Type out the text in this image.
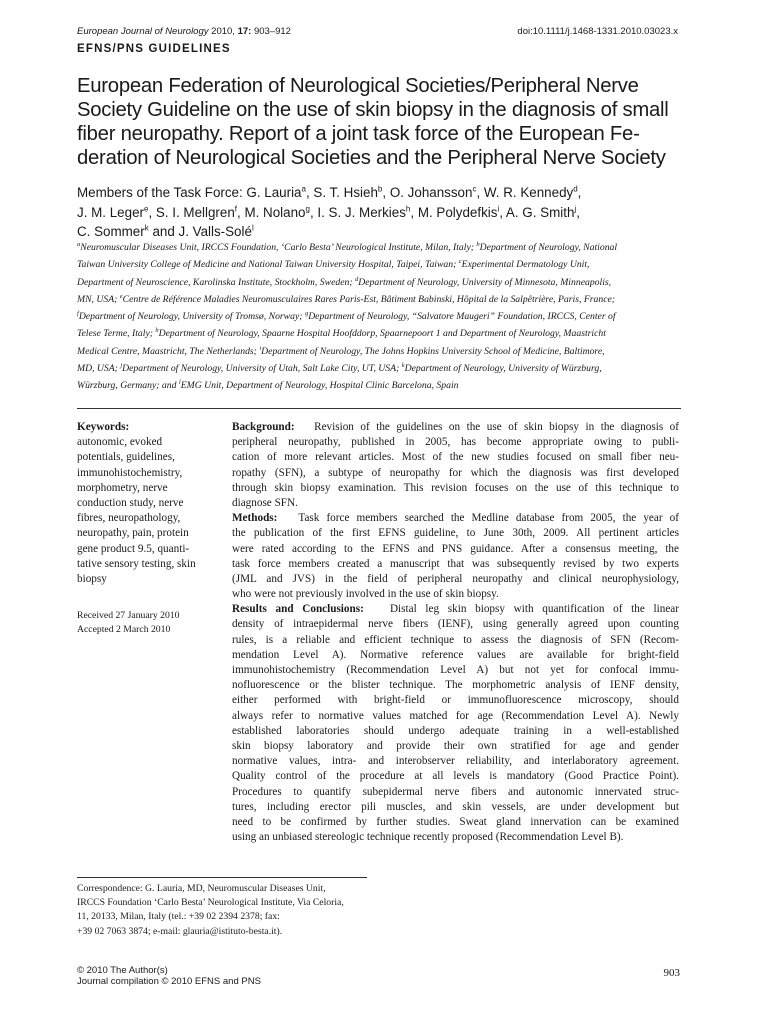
European Journal of Neurology 2010, 17: 903–912	doi:10.1111/j.1468-1331.2010.03023.x
EFNS/PNS GUIDELINES
European Federation of Neurological Societies/Peripheral Nerve
Society Guideline on the use of skin biopsy in the diagnosis of small
fiber neuropathy. Report of a joint task force of the European Fe-
deration of Neurological Societies and the Peripheral Nerve Society
Members of the Task Force: G. Lauria$^a$, S. T. Hsieh$^b$, O. Johansson$^c$, W. R. Kennedy$^d$,
J. M. Leger$^e$, S. I. Mellgren$^f$, M. Nolano$^g$, I. S. J. Merkies$^h$, M. Polydefkis$^i$, A. G. Smith$^j$,
C. Sommer$^k$ and J. Valls-Solé$^l$
$^a$Neuromuscular Diseases Unit, IRCCS Foundation, ‘Carlo Besta’ Neurological Institute, Milan, Italy; $^b$Department of Neurology, National
Taiwan University College of Medicine and National Taiwan University Hospital, Taipei, Taiwan; $^c$Experimental Dermatology Unit,
Department of Neuroscience, Karolinska Institute, Stockholm, Sweden; $^d$Department of Neurology, University of Minnesota, Minneapolis,
MN, USA; $^e$Centre de Référence Maladies Neuromusculaires Rares Paris-Est, Bâtiment Babinski, Hôpital de la Salpêtrière, Paris, France;
$^f$Department of Neurology, University of Tromsø, Norway; $^g$Department of Neurology, “Salvatore Maugeri” Foundation, IRCCS, Center of
Telese Terme, Italy; $^h$Department of Neurology, Spaarne Hospital Hoofddorp, Spaarnepoort 1 and Department of Neurology, Maastricht
Medical Centre, Maastricht, The Netherlands; $^i$Department of Neurology, The Johns Hopkins University School of Medicine, Baltimore,
MD, USA; $^j$Department of Neurology, University of Utah, Salt Lake City, UT, USA; $^k$Department of Neurology, University of Würzburg,
Würzburg, Germany; and $^l$EMG Unit, Department of Neurology, Hospital Clinic Barcelona, Spain
Keywords:
autonomic, evoked
potentials, guidelines,
immunohistochemistry,
morphometry, nerve
conduction study, nerve
fibres, neuropathology,
neuropathy, pain, protein
gene product 9.5, quanti-
tative sensory testing, skin
biopsy
Received 27 January 2010
Accepted 2 March 2010

Background:   Revision of the guidelines on the use of skin biopsy in the diagnosis of
peripheral neuropathy, published in 2005, has become appropriate owing to publi-
cation of more relevant articles. Most of the new studies focused on small fiber neu-
ropathy (SFN), a subtype of neuropathy for which the diagnosis was first developed
through skin biopsy examination. This revision focuses on the use of this technique to
diagnose SFN.

Methods:   Task force members searched the Medline database from 2005, the year of
the publication of the first EFNS guideline, to June 30th, 2009. All pertinent articles
were rated according to the EFNS and PNS guidance. After a consensus meeting, the
task force members created a manuscript that was subsequently revised by two experts
(JML and JVS) in the field of peripheral neuropathy and clinical neurophysiology,
who were not previously involved in the use of skin biopsy.

Results and Conclusions:   Distal leg skin biopsy with quantification of the linear
density of intraepidermal nerve fibers (IENF), using generally agreed upon counting
rules, is a reliable and efficient technique to assess the diagnosis of SFN (Recom-
mendation Level A). Normative reference values are available for bright-field
immunohistochemistry (Recommendation Level A) but not yet for confocal immu-
nofluorescence or the blister technique. The morphometric analysis of IENF density,
either performed with bright-field or immunofluorescence microscopy, should
always refer to normative values matched for age (Recommendation Level A). Newly
established laboratories should undergo adequate training in a well-established
skin biopsy laboratory and provide their own stratified for age and gender
normative values, intra- and interobserver reliability, and interlaboratory agreement.
Quality control of the procedure at all levels is mandatory (Good Practice Point).
Procedures to quantify subepidermal nerve fibers and autonomic innervated struc-
tures, including erector pili muscles, and skin vessels, are under development but
need to be confirmed by further studies. Sweat gland innervation can be examined
using an unbiased stereologic technique recently proposed (Recommendation Level B).

Correspondence: G. Lauria, MD, Neuromuscular Diseases Unit,
IRCCS Foundation ‘Carlo Besta’ Neurological Institute, Via Celoria,
11, 20133, Milan, Italy (tel.: +39 02 2394 2378; fax:
+39 02 7063 3874; e-mail: glauria@istituto-besta.it).
© 2010 The Author(s)
Journal compilation © 2010 EFNS and PNS
903
